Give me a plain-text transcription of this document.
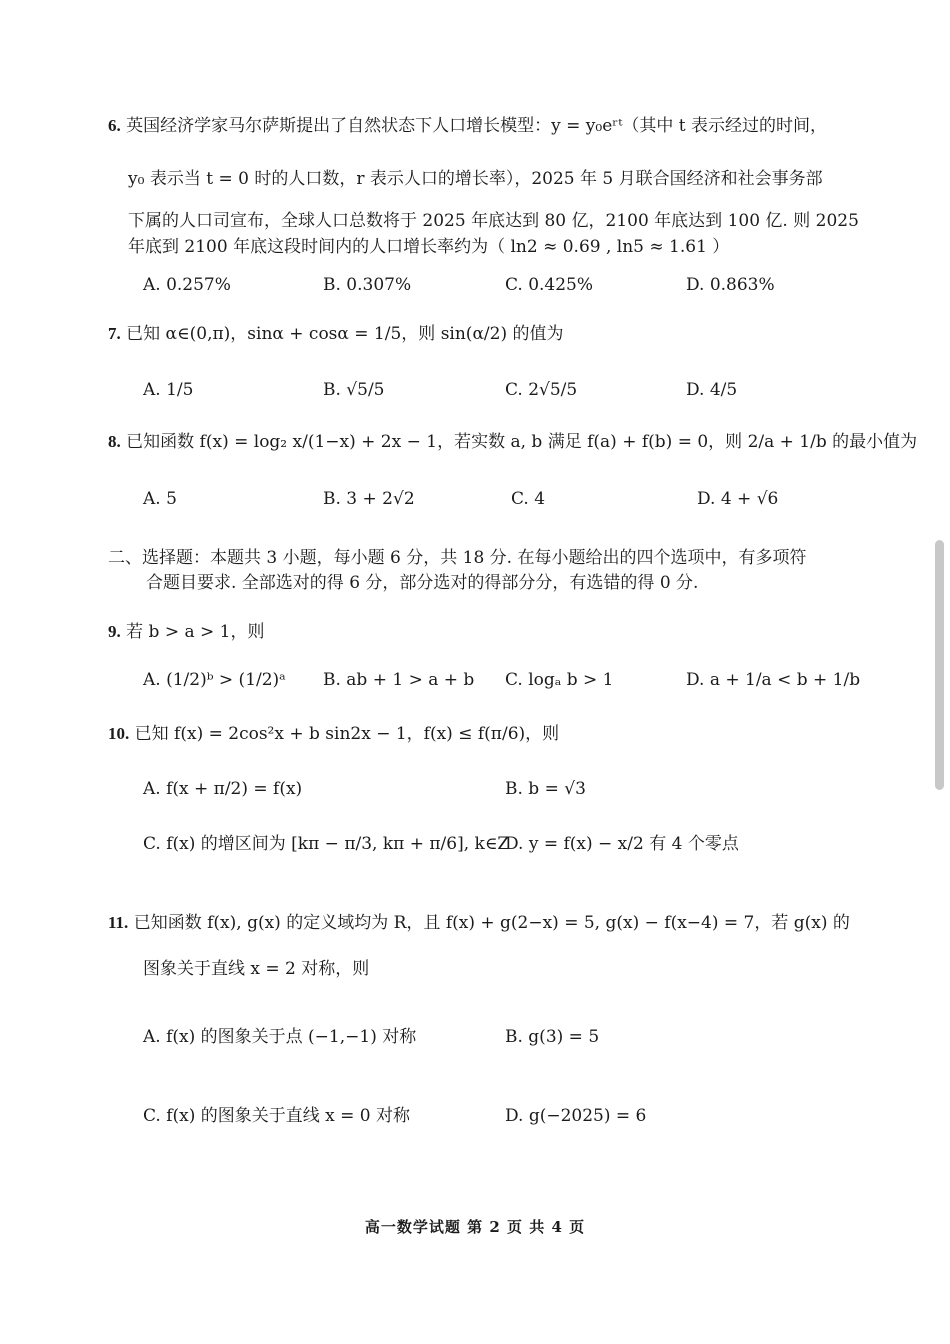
6. 英国经济学家马尔萨斯提出了自然状态下人口增长模型：y = y₀eʳᵗ（其中 t 表示经过的时间，
y₀ 表示当 t = 0 时的人口数，r 表示人口的增长率），2025 年 5 月联合国经济和社会事务部
下属的人口司宣布，全球人口总数将于 2025 年底达到 80 亿，2100 年底达到 100 亿. 则 2025
年底到 2100 年底这段时间内的人口增长率约为（ ln2 ≈ 0.69 , ln5 ≈ 1.61 ）
A. 0.257%	B. 0.307%	C. 0.425%	D. 0.863%
7. 已知 α∈(0,π)，sinα + cosα = 1/5，则 sin(α/2) 的值为
A. 1/5	B. √5/5	C. 2√5/5	D. 4/5
8. 已知函数 f(x) = log₂ x/(1−x) + 2x − 1，若实数 a, b 满足 f(a) + f(b) = 0，则 2/a + 1/b 的最小值为
A. 5	B. 3 + 2√2	C. 4	D. 4 + √6
二、选择题：本题共 3 小题，每小题 6 分，共 18 分. 在每小题给出的四个选项中，有多项符
合题目要求. 全部选对的得 6 分，部分选对的得部分分，有选错的得 0 分.
9. 若 b > a > 1，则
A. (1/2)ᵇ > (1/2)ᵃ B. ab + 1 > a + b C. logₐ b > 1	D. a + 1/a < b + 1/b
10. 已知 f(x) = 2cos²x + b sin2x − 1，f(x) ≤ f(π/6)，则
A. f(x + π/2) = f(x)	B. b = √3
C. f(x) 的增区间为 [kπ − π/3, kπ + π/6], k∈Z
D. y = f(x) − x/2 有 4 个零点
11. 已知函数 f(x), g(x) 的定义域均为 R，且 f(x) + g(2−x) = 5, g(x) − f(x−4) = 7，若 g(x) 的
图象关于直线 x = 2 对称，则
A. f(x) 的图象关于点 (−1,−1) 对称	B. g(3) = 5
C. f(x) 的图象关于直线 x = 0 对称	D. g(−2025) = 6
高一数学试题 第 2 页 共 4 页
